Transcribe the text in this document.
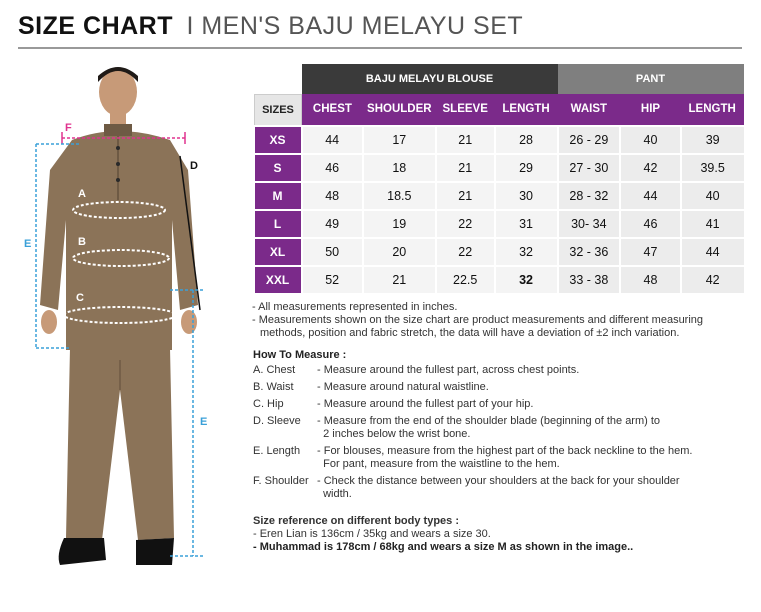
SIZE CHART I MEN'S BAJU MELAYU SET
F
A
B
C
D
E
E
	BAJU MELAYU BLOUSE				PANT		
SIZES	CHEST	SHOULDER	SLEEVE	LENGTH	WAIST	HIP	LENGTH
XS	44	17	21	28	26 - 29	40	39
S	46	18	21	29	27 - 30	42	39.5
M	48	18.5	21	30	28 - 32	44	40
L	49	19	22	31	30- 34	46	41
XL	50	20	22	32	32 - 36	47	44
XXL	52	21	22.5	32	33 - 38	48	42

- All measurements represented in inches.

- Measurements shown on the size chart are product measurements and different measuring

methods, position and fabric stretch, the data will have a deviation of ±2 inch variation.

How To Measure :
A. Chest	- Measure around the fullest part, across chest points.
B. Waist	- Measure around natural waistline.
C. Hip	- Measure around the fullest part of your hip.
D. Sleeve	- Measure from the end of the shoulder blade (beginning of the arm) to
2 inches below the wrist bone.
E. Length	- For blouses, measure from the highest part of the back neckline to the hem.
For pant, measure from the waistline to the hem.
F. Shoulder - Check the distance between your shoulders at the back for your shoulder
width.
Size reference on different body types :
- Eren Lian is 136cm / 35kg and wears a size 30.
- Muhammad is 178cm / 68kg and wears a size M as shown in the image..
